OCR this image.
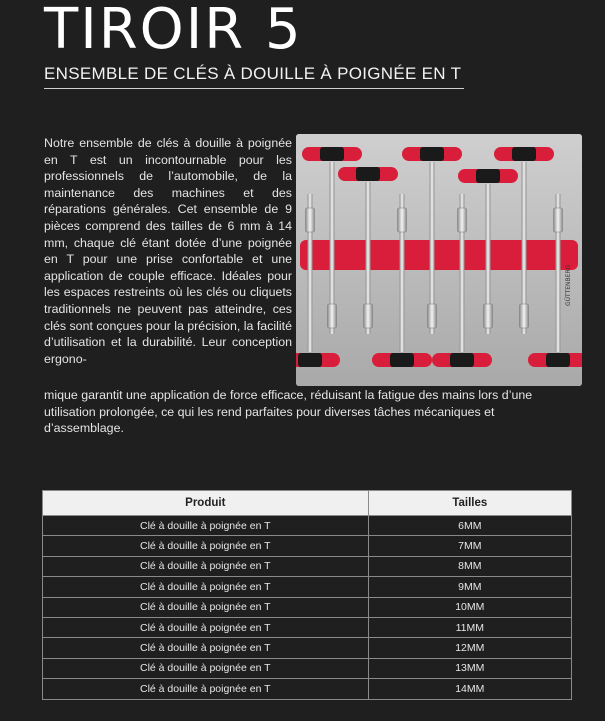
TIROIR 5
ENSEMBLE DE CLÉS À DOUILLE À POIGNÉE EN T
Notre ensemble de clés à douille à poignée en T est un incontournable pour les professionnels de l’automobile, de la maintenance des machines et des réparations générales. Cet ensemble de 9 pièces comprend des tailles de 6 mm à 14 mm, chaque clé étant dotée d’une poignée en T pour une prise confortable et une application de couple efficace. Idéales pour les espaces restreints où les clés ou cliquets traditionnels ne peuvent pas atteindre, ces clés sont conçues pour la précision, la facilité d’utilisation et la durabilité. Leur conception ergono-
GÜTTENBERG
mique garantit une application de force efficace, réduisant la fatigue des mains lors d’une utilisation prolongée, ce qui les rend parfaites pour diverses tâches mécaniques et d’assemblage.
Produit	Tailles
Clé à douille à poignée en T	6MM
Clé à douille à poignée en T	7MM
Clé à douille à poignée en T	8MM
Clé à douille à poignée en T	9MM
Clé à douille à poignée en T	10MM
Clé à douille à poignée en T	11MM
Clé à douille à poignée en T	12MM
Clé à douille à poignée en T	13MM
Clé à douille à poignée en T	14MM
